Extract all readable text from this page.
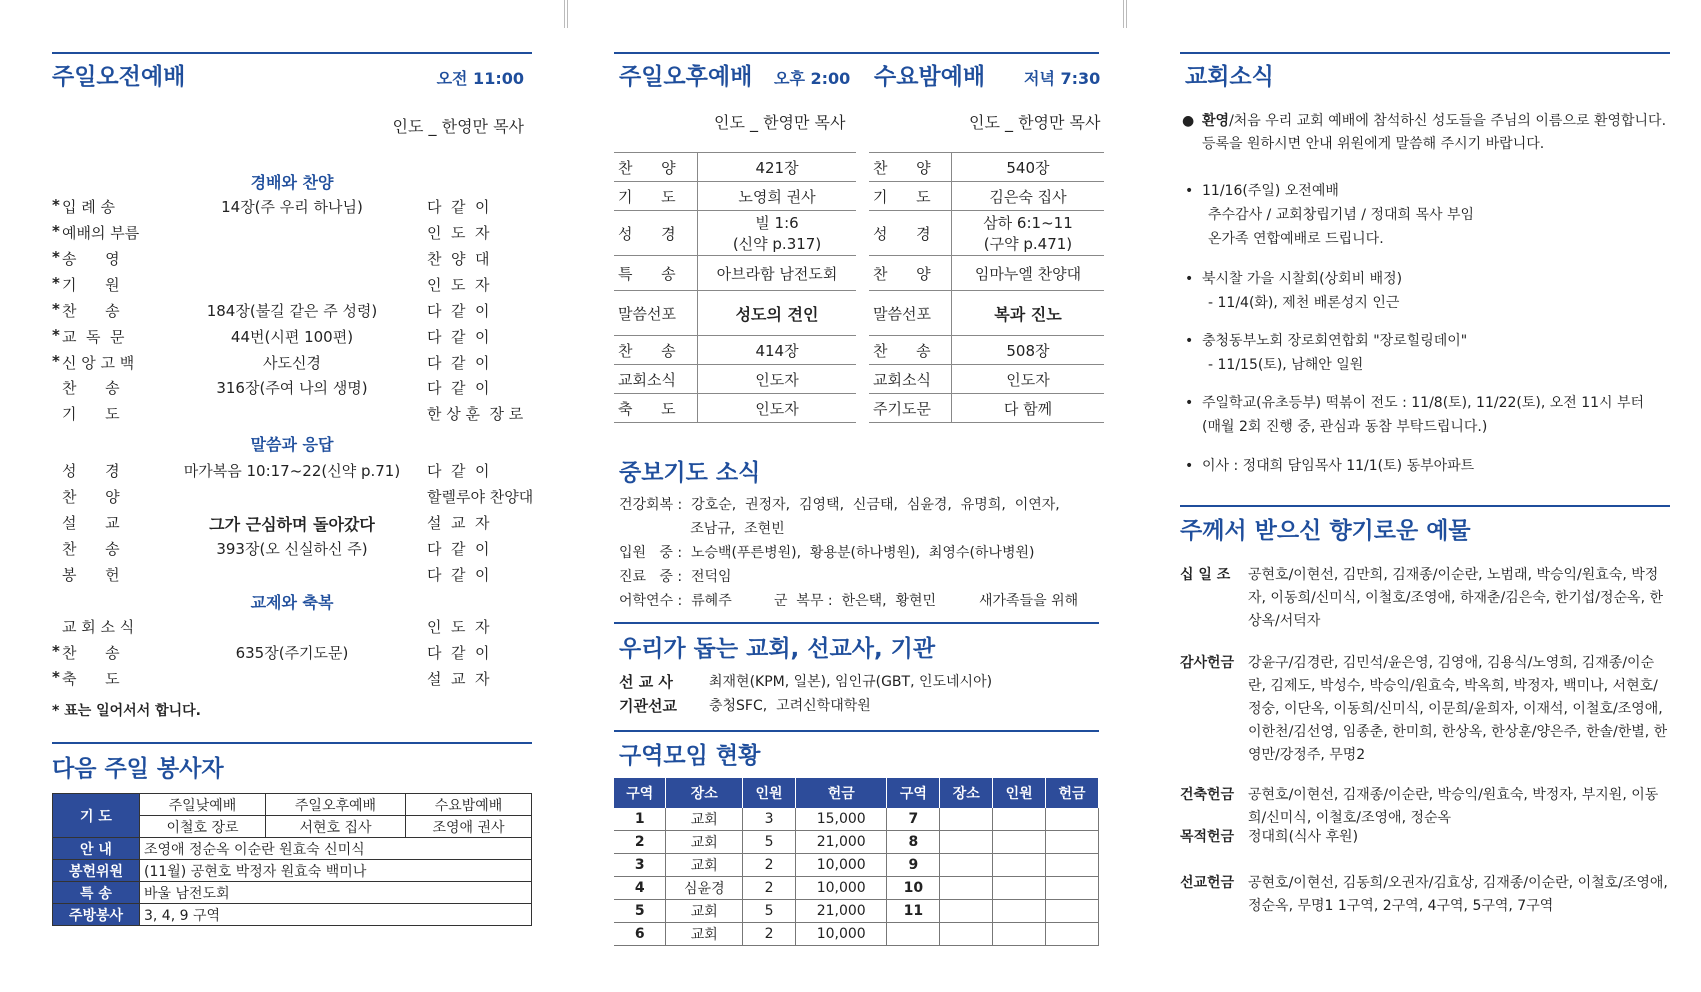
주일오전예배	오전 11:00
인도 _ 한영만 목사
경배와 찬양
* 입 례 송	14장(주 우리 하나님)	다  같  이
* 예배의 부름	인  도  자
* 송      영	찬  양  대
* 기      원	인  도  자
* 찬      송	184장(불길 같은 주 성령)	다  같  이
* 교  독  문	44번(시편 100편)	다  같  이
* 신 앙 고 백	사도신경	다  같  이
찬      송	316장(주여 나의 생명)	다  같  이
기      도	한 상 훈  장 로
성      경	마가복음 10:17~22(신약 p.71)	다  같  이
찬      양	할렐루야 찬양대
설      교	그가 근심하며 돌아갔다	설  교  자
찬      송	393장(오 신실하신 주)	다  같  이
봉      헌	다  같  이
교 회 소 식	인  도  자
* 찬      송	635장(주기도문)	다  같  이
* 축      도	설  교  자
말씀과 응답
교제와 축복
* 표는 일어서서 합니다.
다음 주일 봉사자
기 도	주일낮예배	주일오후예배	수요밤예배
	이철호 장로	서현호 집사	조영애 권사
안 내	조영애 정순옥 이순란 원효숙 신미식		
봉헌위원	(11월) 공현호 박정자 원효숙 백미나		
특 송	바울 남전도회		
주방봉사	3, 4, 9 구역		
주일오후예배 오후 2:00 수요밤예배 저녁 7:30
인도 _ 한영만 목사	인도 _ 한영만 목사
찬      양	421장
기      도	노영희 권사
성      경	빌 1:6
(신약 p.317)

특      송	아브라함 남전도회
말씀선포	성도의 견인
찬      송	414장
교회소식	인도자
축      도	인도자
찬      양	540장
기      도	김은숙 집사
성      경	삼하 6:1~11
(구약 p.471)

찬      양	임마누엘 찬양대
말씀선포	복과 진노
찬      송	508장
교회소식	인도자
주기도문	다 함께
중보기도 소식
건강회복 :  강호순,  권정자,  김영택,  신금태,  심윤경,  유명희,  이연자,
조남규,  조현빈
입원   중 :  노승백(푸른병원),  황용분(하나병원),  최영수(하나병원)
진료   중 :  전덕임
어학연수 :  류혜주	군  복무 :  한은택,  황현민	새가족들을 위해
우리가 돕는 교회, 선교사, 기관
선 교 사	최재현(KPM, 일본), 임인규(GBT, 인도네시아)
기관선교 충청SFC,  고려신학대학원
구역모임 현황
구역	장소	인원	헌금	구역	장소	인원	헌금
1	교회	3	15,000	7			
2	교회	5	21,000	8			
3	교회	2	10,000	9			
4	심윤경	2	10,000	10			
5	교회	5	21,000	11			
6	교회	2	10,000				
교회소식
● 환영/처음 우리 교회 예배에 참석하신 성도들을 주님의 이름으로 환영합니다.
등록을 원하시면 안내 위원에게 말씀해 주시기 바랍니다.
• 11/16(주일) 오전예배
추수감사 / 교회창립기념 / 정대희 목사 부임
온가족 연합예배로 드립니다.
• 북시찰 가을 시찰회(상회비 배정)
- 11/4(화), 제천 배론성지 인근
• 충청동부노회 장로회연합회 "장로힐링데이"
- 11/15(토), 남해안 일원
• 주일학교(유초등부) 떡볶이 전도 : 11/8(토), 11/22(토), 오전 11시 부터
(매월 2회 진행 중, 관심과 동참 부탁드립니다.)
• 이사 : 정대희 담임목사 11/1(토) 동부아파트
주께서 받으신 향기로운 예물
십 일 조	공현호/이현선, 김만희, 김재종/이순란, 노범래, 박승익/원효숙, 박정자, 이동희/신미식, 이철호/조영애, 하재춘/김은숙, 한기섭/정순옥, 한상옥/서덕자
감사헌금 강윤구/김경란, 김민석/윤은영, 김영애, 김용식/노영희, 김재종/이순란, 김제도, 박성수, 박승익/원효숙, 박옥희, 박정자, 백미나, 서현호/정숭, 이단옥, 이동희/신미식, 이문희/윤희자, 이재석, 이철호/조영애, 이한천/김선영, 임종춘, 한미희, 한상옥, 한상훈/양은주, 한솔/한별, 한영만/강정주, 무명2
건축헌금 공현호/이현선, 김재종/이순란, 박승익/원효숙, 박정자, 부지원, 이동희/신미식, 이철호/조영애, 정순옥
목적헌금 정대희(식사 후원)
선교헌금 공현호/이현선, 김동희/오권자/김효상, 김재종/이순란, 이철호/조영애, 정순옥, 무명1 1구역, 2구역, 4구역, 5구역, 7구역
